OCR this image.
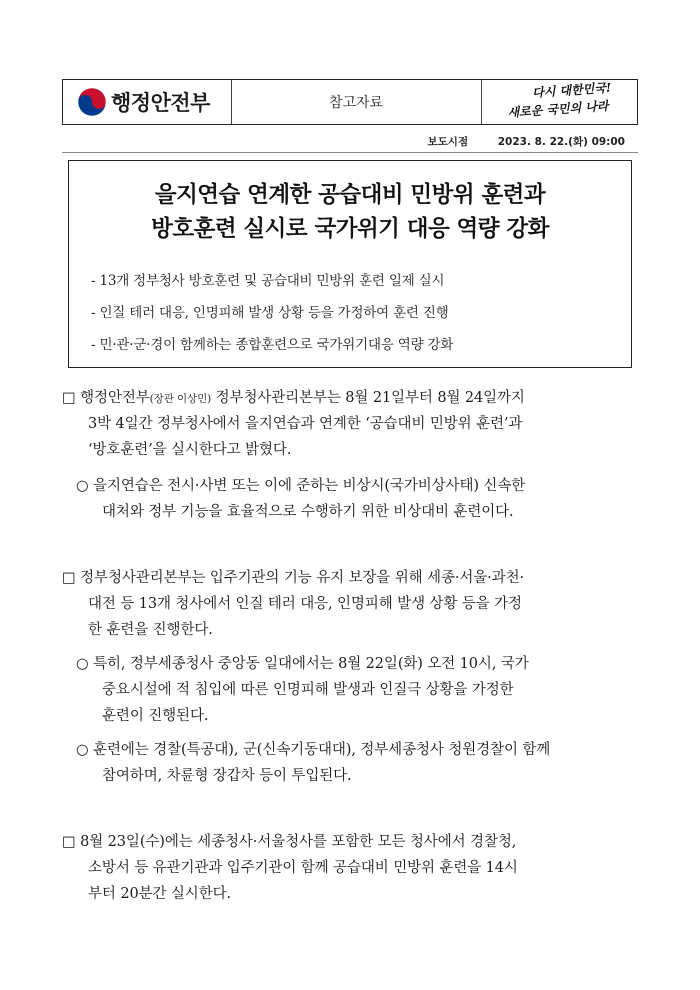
행정안전부	참고자료
다시 대한민국!
새로운 국민의 나라
보도시점	2023. 8. 22.(화) 09:00
을지연습 연계한 공습대비 민방위 훈련과
방호훈련 실시로 국가위기 대응 역량 강화
- 13개 정부청사 방호훈련 및 공습대비 민방위 훈련 일제 실시
- 인질 테러 대응, 인명피해 발생 상황 등을 가정하여 훈련 진행
- 민·관·군·경이 함께하는 종합훈련으로 국가위기대응 역량 강화
□ 행정안전부(장관 이상민) 정부청사관리본부는 8월 21일부터 8월 24일까지
3박 4일간 정부청사에서 을지연습과 연계한 ‘공습대비 민방위 훈련’과
‘방호훈련’을 실시한다고 밝혔다.
○ 을지연습은 전시·사변 또는 이에 준하는 비상시(국가비상사태) 신속한
대처와 정부 기능을 효율적으로 수행하기 위한 비상대비 훈련이다.
□ 정부청사관리본부는 입주기관의 기능 유지 보장을 위해 세종·서울·과천·
대전 등 13개 청사에서 인질 테러 대응, 인명피해 발생 상황 등을 가정
한 훈련을 진행한다.
○ 특히, 정부세종청사 중앙동 일대에서는 8월 22일(화) 오전 10시, 국가
중요시설에 적 침입에 따른 인명피해 발생과 인질극 상황을 가정한
훈련이 진행된다.
○ 훈련에는 경찰(특공대), 군(신속기동대대), 정부세종청사 청원경찰이 함께
참여하며, 차륜형 장갑차 등이 투입된다.
□ 8월 23일(수)에는 세종청사·서울청사를 포함한 모든 청사에서 경찰청,
소방서 등 유관기관과 입주기관이 함께 공습대비 민방위 훈련을 14시
부터 20분간 실시한다.
